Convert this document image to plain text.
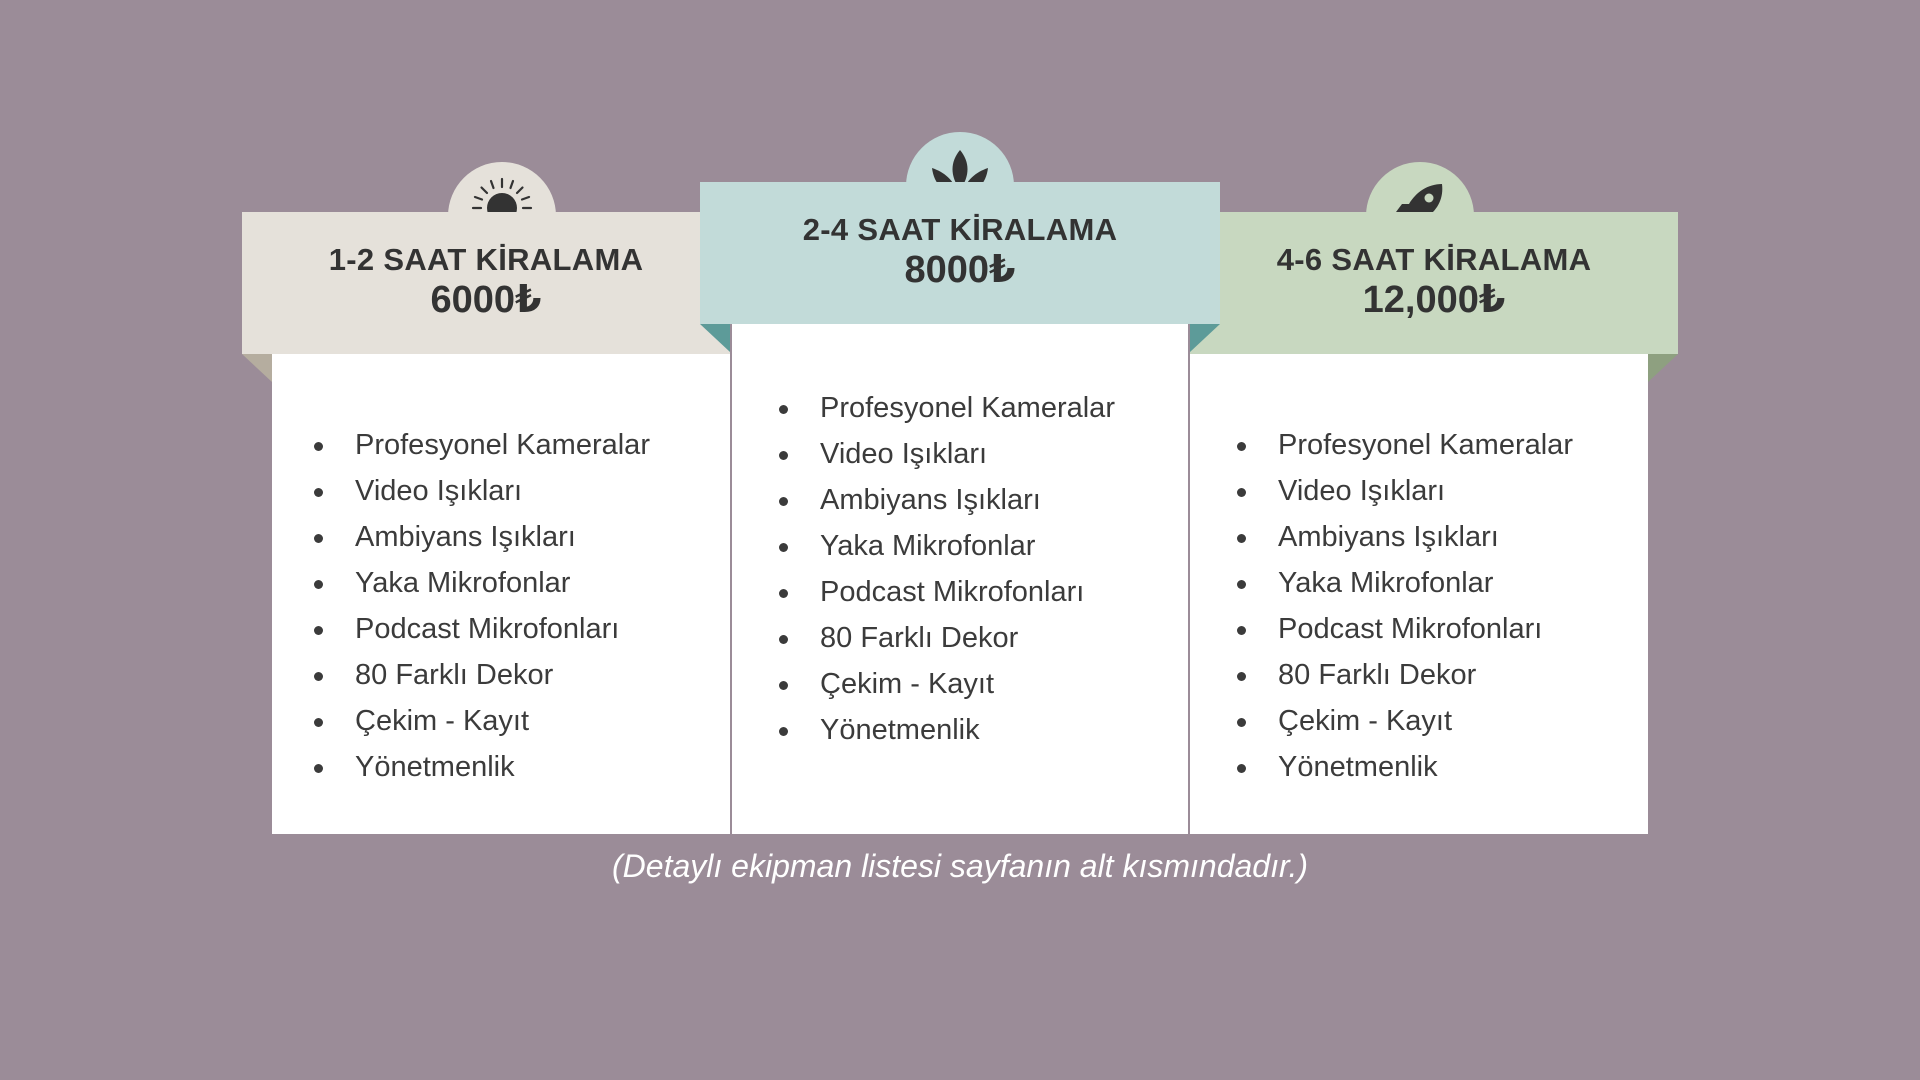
1-2 SAAT KİRALAMA
6000₺
Profesyonel Kameralar
Video Işıkları
Ambiyans Işıkları
Yaka Mikrofonlar
Podcast Mikrofonları
80 Farklı Dekor
Çekim - Kayıt
Yönetmenlik
4-6 SAAT KİRALAMA
12,000₺
Profesyonel Kameralar
Video Işıkları
Ambiyans Işıkları
Yaka Mikrofonlar
Podcast Mikrofonları
80 Farklı Dekor
Çekim - Kayıt
Yönetmenlik
2-4 SAAT KİRALAMA
8000₺
Profesyonel Kameralar
Video Işıkları
Ambiyans Işıkları
Yaka Mikrofonlar
Podcast Mikrofonları
80 Farklı Dekor
Çekim - Kayıt
Yönetmenlik
(Detaylı ekipman listesi sayfanın alt kısmındadır.)
